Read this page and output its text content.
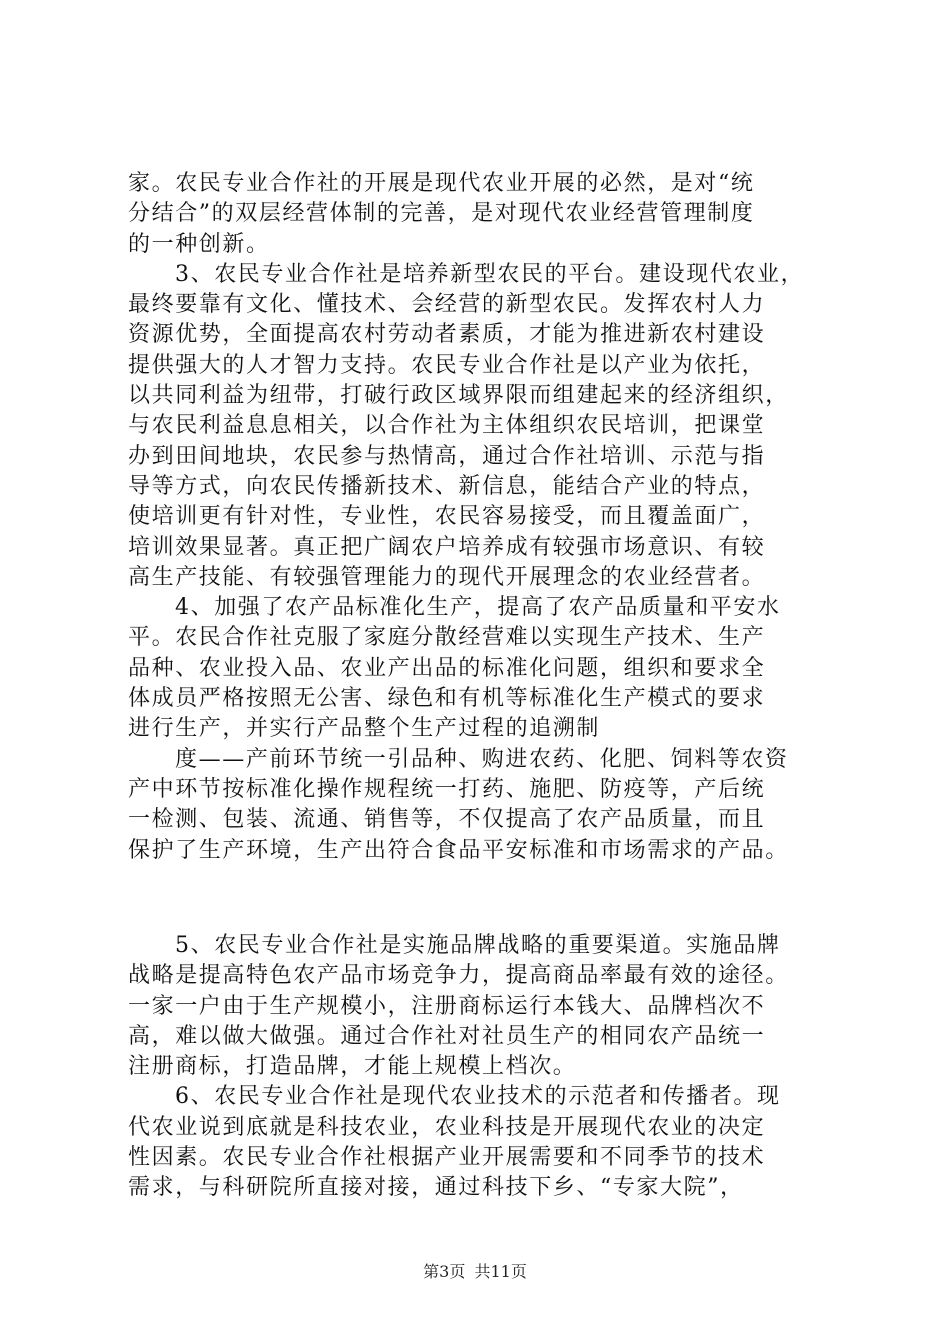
家。农民专业合作社的开展是现代农业开展的必然，是对“统
分结合”的双层经营体制的完善，是对现代农业经营管理制度
的一种创新。
3、农民专业合作社是培养新型农民的平台。建设现代农业，
最终要靠有文化、懂技术、会经营的新型农民。发挥农村人力
资源优势，全面提高农村劳动者素质，才能为推进新农村建设
提供强大的人才智力支持。农民专业合作社是以产业为依托，
以共同利益为纽带，打破行政区域界限而组建起来的经济组织，
与农民利益息息相关，以合作社为主体组织农民培训，把课堂
办到田间地块，农民参与热情高，通过合作社培训、示范与指
导等方式，向农民传播新技术、新信息，能结合产业的特点，
使培训更有针对性，专业性，农民容易接受，而且覆盖面广，
培训效果显著。真正把广阔农户培养成有较强市场意识、有较
高生产技能、有较强管理能力的现代开展理念的农业经营者。
4、加强了农产品标准化生产，提高了农产品质量和平安水
平。农民合作社克服了家庭分散经营难以实现生产技术、生产
品种、农业投入品、农业产出品的标准化问题，组织和要求全
体成员严格按照无公害、绿色和有机等标准化生产模式的要求
进行生产，并实行产品整个生产过程的追溯制
度——产前环节统一引品种、购进农药、化肥、饲料等农资
产中环节按标准化操作规程统一打药、施肥、防疫等，产后统
一检测、包装、流通、销售等，不仅提高了农产品质量，而且
保护了生产环境，生产出符合食品平安标准和市场需求的产品。
5、农民专业合作社是实施品牌战略的重要渠道。实施品牌
战略是提高特色农产品市场竞争力，提高商品率最有效的途径。
一家一户由于生产规模小，注册商标运行本钱大、品牌档次不
高，难以做大做强。通过合作社对社员生产的相同农产品统一
注册商标，打造品牌，才能上规模上档次。
6、农民专业合作社是现代农业技术的示范者和传播者。现
代农业说到底就是科技农业，农业科技是开展现代农业的决定
性因素。农民专业合作社根据产业开展需要和不同季节的技术
需求，与科研院所直接对接，通过科技下乡、“专家大院”，
第3页 共11页
